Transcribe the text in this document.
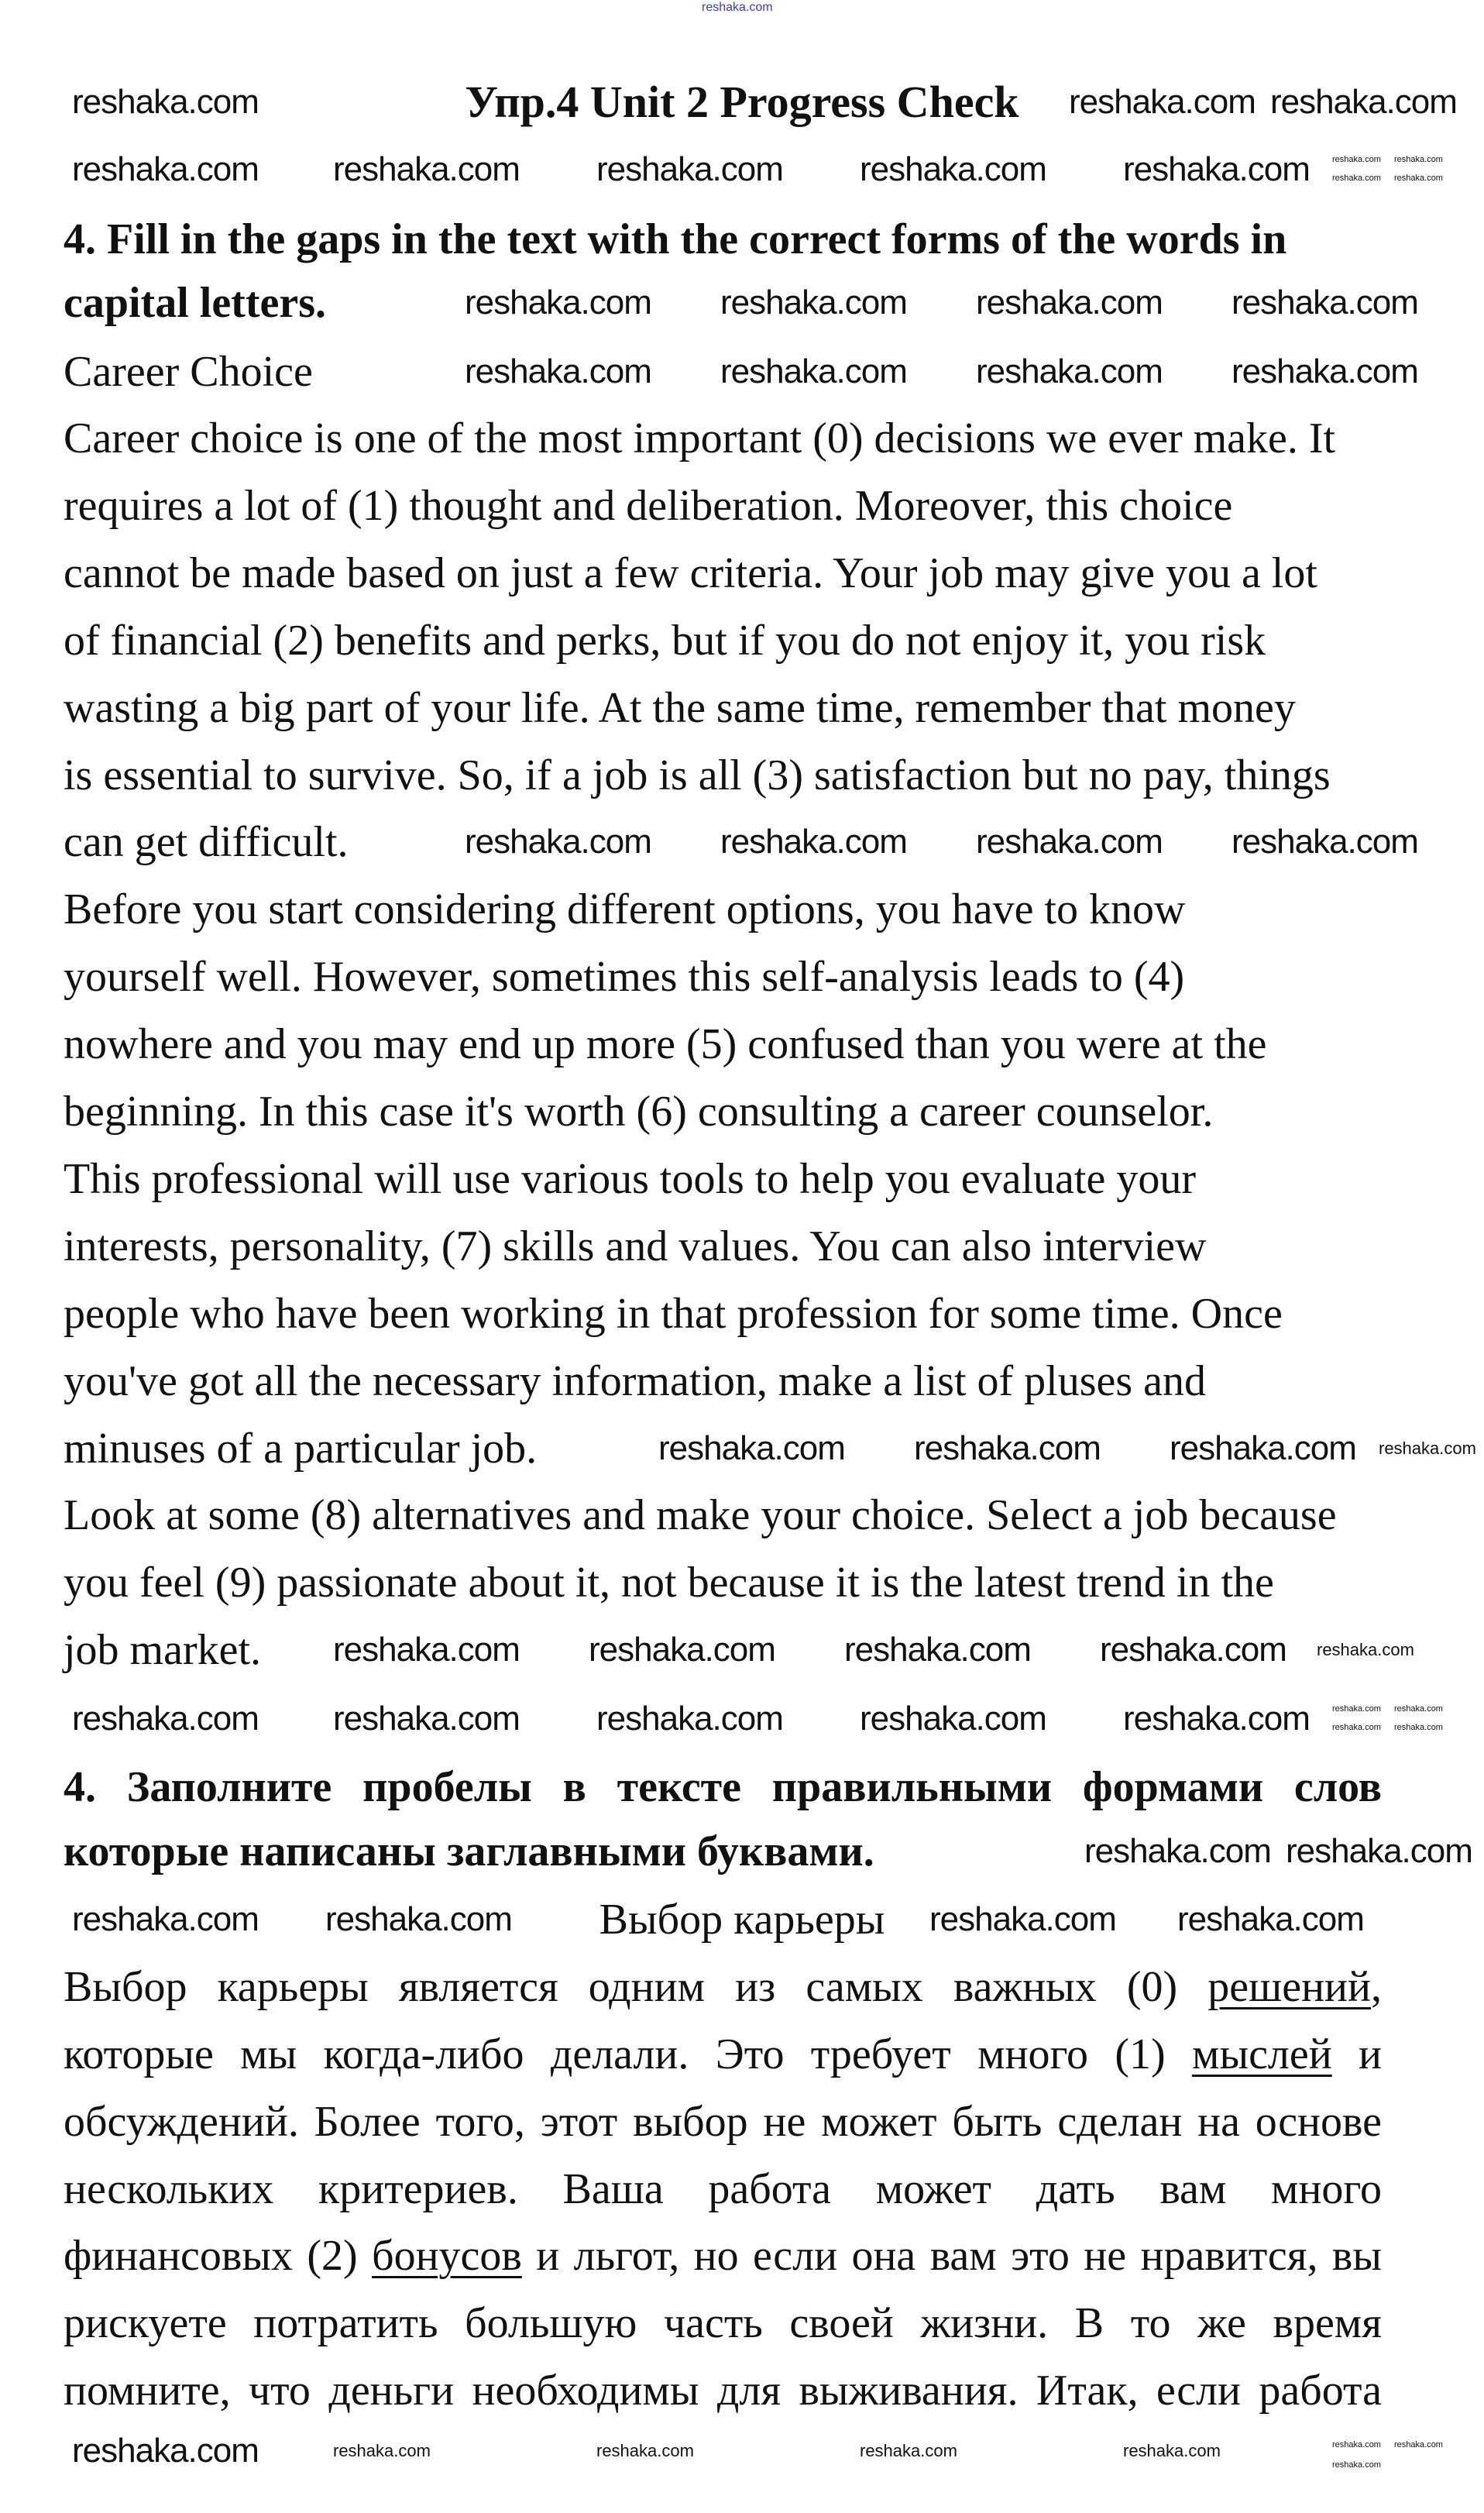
Упр.4 Unit 2 Progress Check
4. Fill in the gaps in the text with the correct forms of the words in
capital letters.
Career Choice
Career choice is one of the most important (0) decisions we ever make. It
requires a lot of (1) thought and deliberation. Moreover, this choice
cannot be made based on just a few criteria. Your job may give you a lot
of financial (2) benefits and perks, but if you do not enjoy it, you risk
wasting a big part of your life. At the same time, remember that money
is essential to survive. So, if a job is all (3) satisfaction but no pay, things
can get difficult.
Before you start considering different options, you have to know
yourself well. However, sometimes this self-analysis leads to (4)
nowhere and you may end up more (5) confused than you were at the
beginning. In this case it's worth (6) consulting a career counselor.
This professional will use various tools to help you evaluate your
interests, personality, (7) skills and values. You can also interview
people who have been working in that profession for some time. Once
you've got all the necessary information, make a list of pluses and
minuses of a particular job.
Look at some (8) alternatives and make your choice. Select a job because
you feel (9) passionate about it, not because it is the latest trend in the
job market.
4. Заполните пробелы в тексте правильными формами слов
которые написаны заглавными буквами.
Выбор карьеры
Выбор карьеры является одним из самых важных (0) решений,
которые мы когда-либо делали. Это требует много (1) мыслей и
обсуждений. Более того, этот выбор не может быть сделан на основе
нескольких критериев. Ваша работа может дать вам много
финансовых (2) бонусов и льгот, но если она вам это не нравится, вы
рискуете потратить большую часть своей жизни. В то же время
помните, что деньги необходимы для выживания. Итак, если работа
reshaka.com	reshaka.com reshaka.com
reshaka.com reshaka.com reshaka.com reshaka.com reshaka.com
reshaka.com reshaka.com reshaka.com reshaka.com
reshaka.com reshaka.com reshaka.com reshaka.com
reshaka.com reshaka.com reshaka.com reshaka.com
reshaka.com reshaka.com reshaka.com
reshaka.com reshaka.com reshaka.com reshaka.com
reshaka.com reshaka.com reshaka.com reshaka.com reshaka.com
reshaka.com reshaka.com
reshaka.com reshaka.com	reshaka.com reshaka.com
reshaka.com	reshaka.com	reshaka.com	reshaka.com	reshaka.com
reshaka.com
reshaka.com
reshaka.com reshaka.com
reshaka.com reshaka.com
reshaka.com reshaka.com
reshaka.com reshaka.com
reshaka.com reshaka.com
reshaka.com
reshaka.com
